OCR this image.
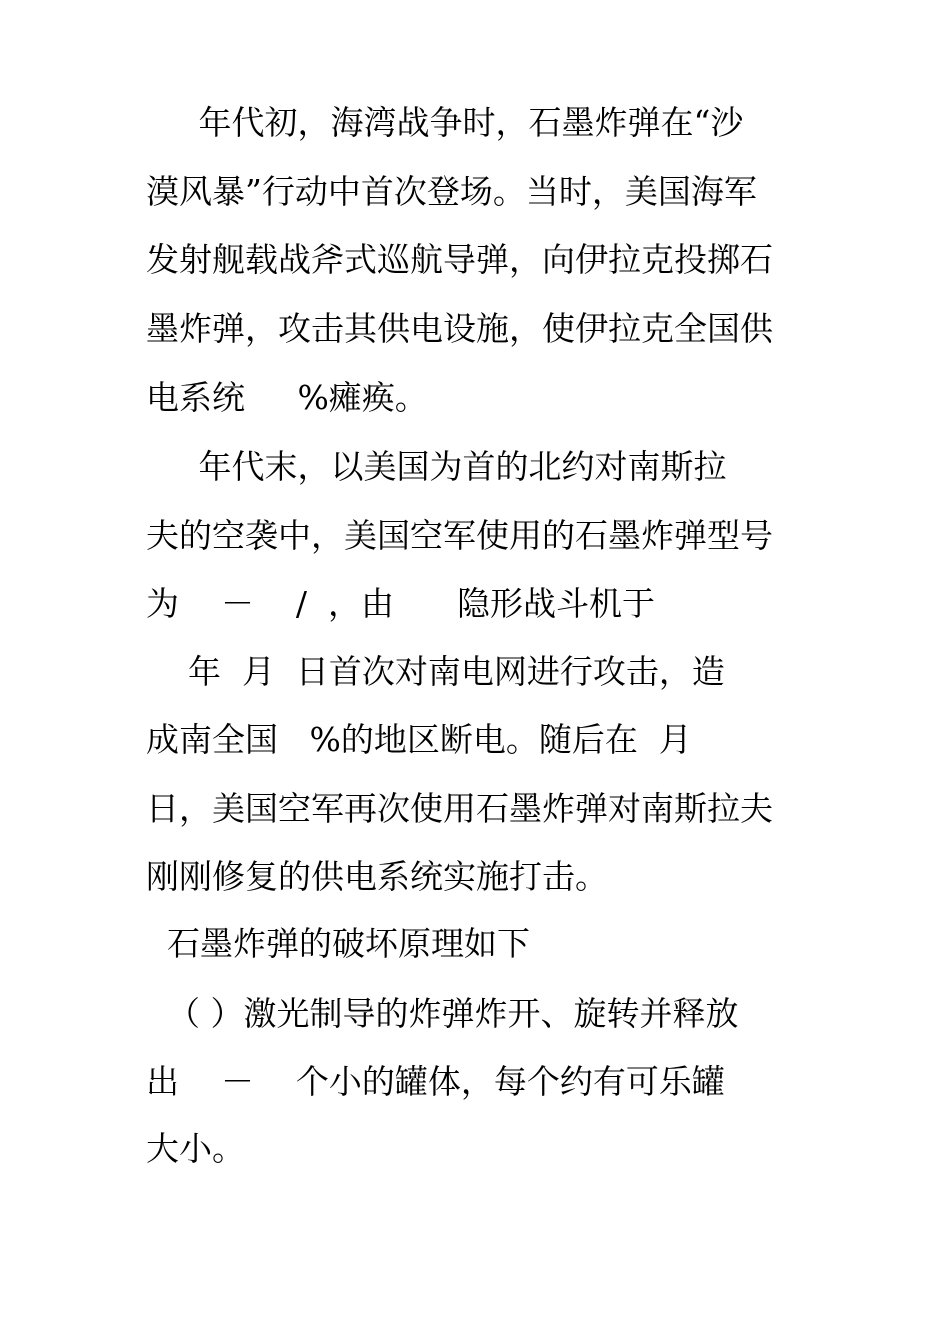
年代初，海湾战争时，石墨炸弹在“沙
漠风暴”行动中首次登场。当时，美国海军
发射舰载战斧式巡航导弹，向伊拉克投掷石
墨炸弹，攻击其供电设施，使伊拉克全国供
电系统     %瘫痪。
年代末，以美国为首的北约对南斯拉
夫的空袭中，美国空军使用的石墨炸弹型号
为    －    /  ，由      隐形战斗机于
年  月  日首次对南电网进行攻击，造
成南全国   %的地区断电。随后在  月
日，美国空军再次使用石墨炸弹对南斯拉夫
刚刚修复的供电系统实施打击。
石墨炸弹的破坏原理如下
（ ）激光制导的炸弹炸开、旋转并释放
出    －    个小的罐体，每个约有可乐罐
大小。
